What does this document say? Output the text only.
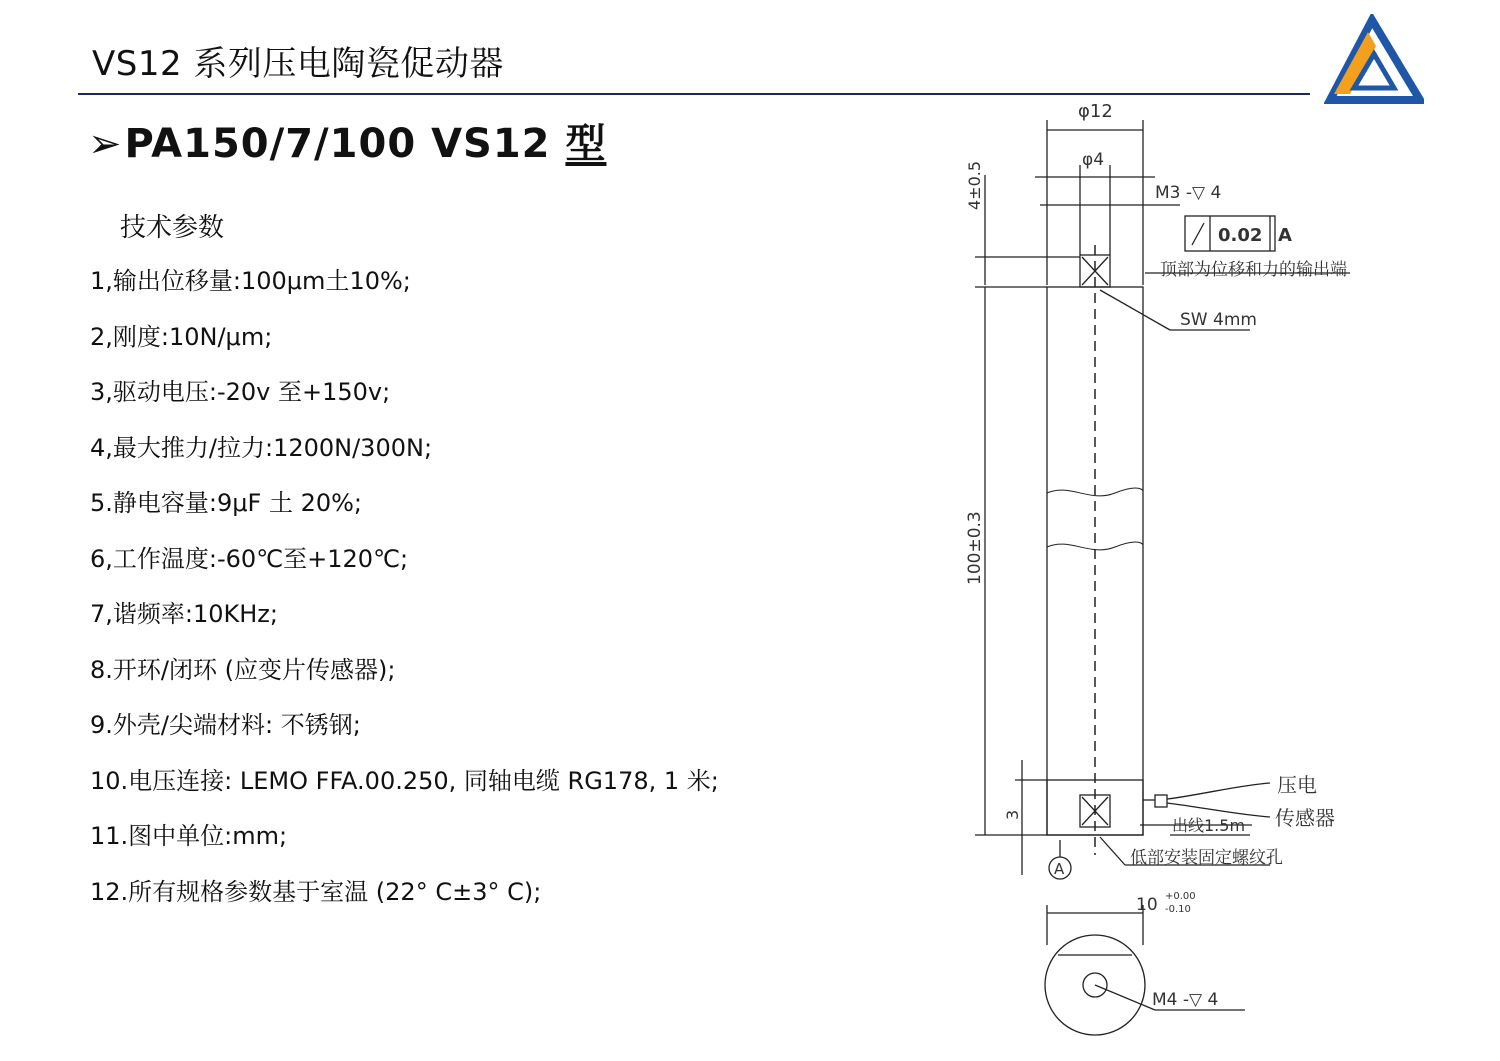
VS12 系列压电陶瓷促动器
➢PA150/7/100 VS12 型
技术参数
1,输出位移量:100μm土10%;
2,刚度:10N/μm;
3,驱动电压:-20v 至+150v;
4,最大推力/拉力:1200N/300N;
5.静电容量:9μF 土 20%;
6,工作温度:-60℃至+120℃;
7,谐频率:10KHz;
8.开环/闭环 (应变片传感器);
9.外壳/尖端材料: 不锈钢;
10.电压连接: LEMO FFA.00.250, 同轴电缆 RG178, 1 米;
11.图中单位:mm;
12.所有规格参数基于室温 (22° C±3° C);
φ12
φ4
4±0.5	M3 -▽ 4
0.02 A
顶部为位移和力的输出端
SW 4mm
100±0.3
3
出线1.5m
压电
传感器
低部安装固定螺纹孔
A
10 +0.00
-0.10
M4 -▽ 4
